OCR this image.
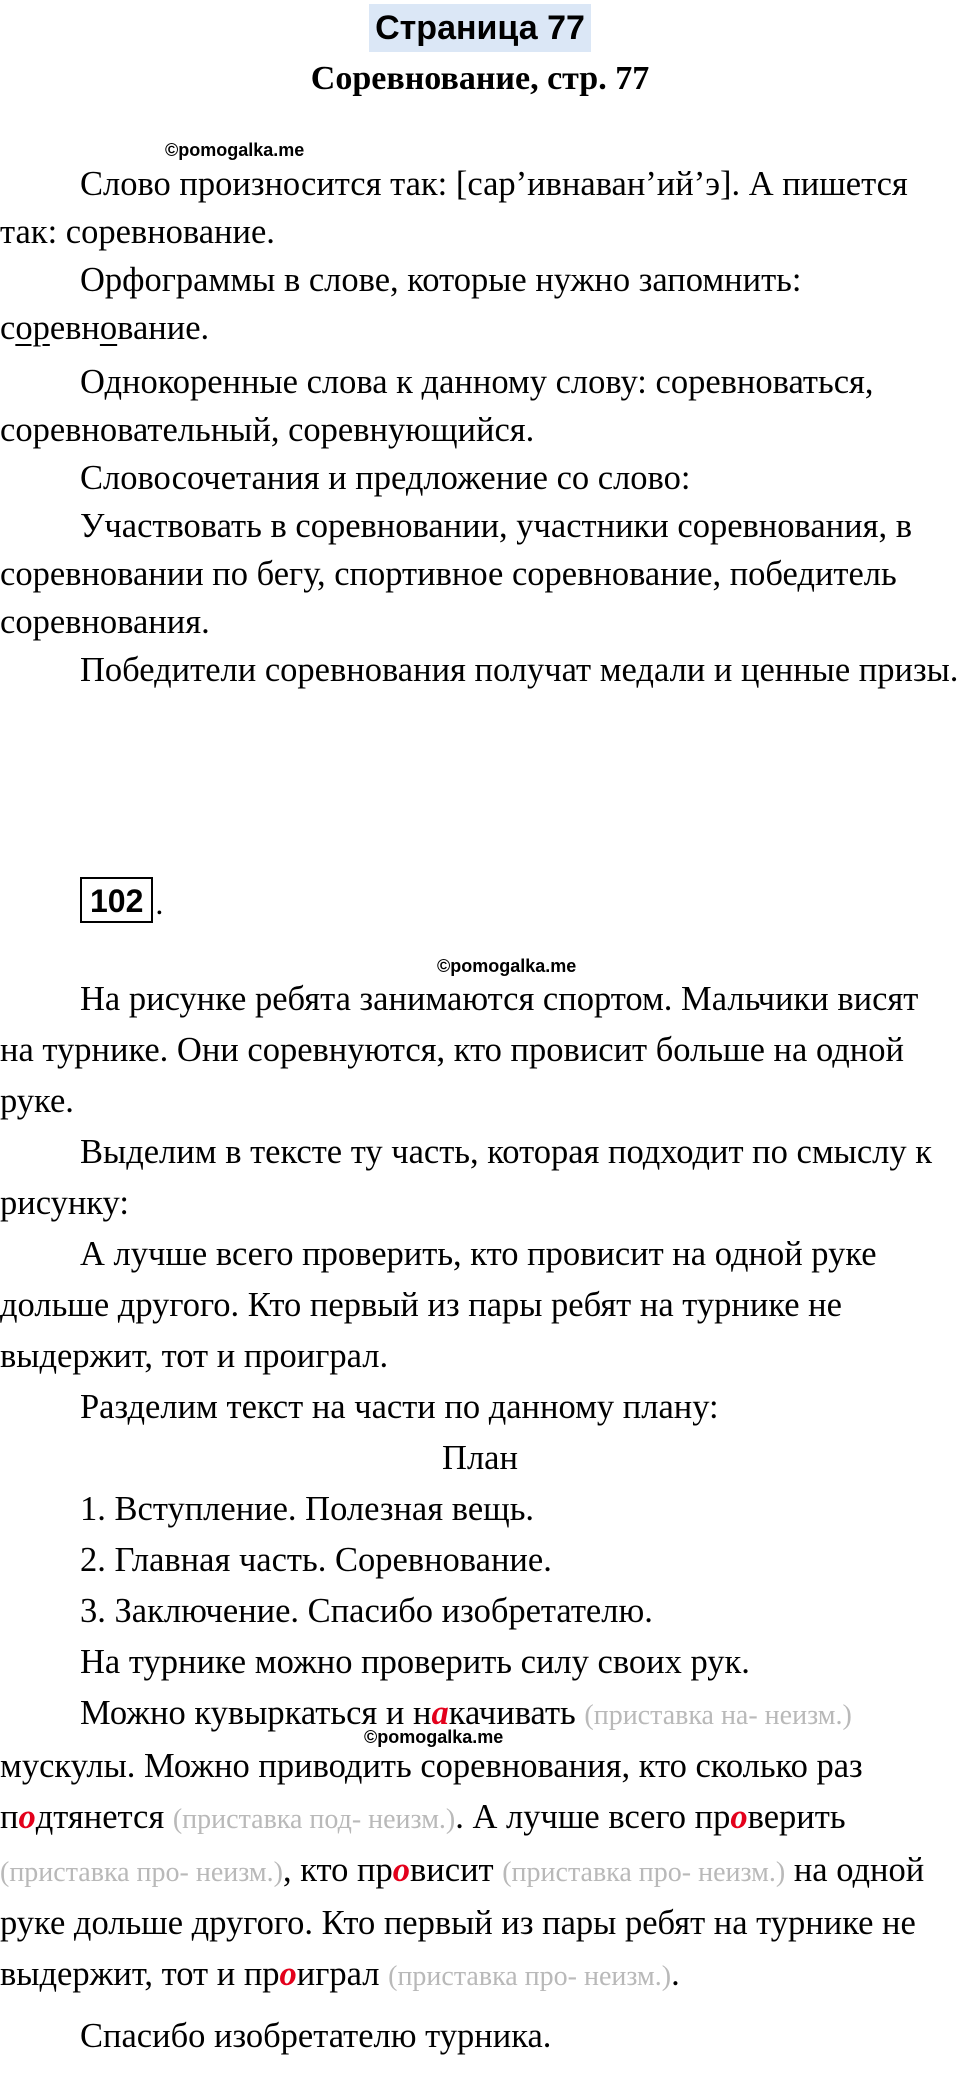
Страница 77
Соревнование, стр. 77
©pomogalka.me

Слово произносится так: [сар’ивнаван’ий’э]. А пишется так: соревнование.

Орфограммы в слове, которые нужно запомнить:

соревнование.

Однокоренные слова к данному слову: соревноваться, соревновательный, соревнующийся.

Словосочетания и предложение со слово:

Участвовать в соревновании, участники соревнования, в соревновании по бегу, спортивное соревнование, победитель соревнования.

Победители соревнования получат медали и ценные призы.

102 .
©pomogalka.me

На рисунке ребята занимаются спортом. Мальчики висят на турнике. Они соревнуются, кто провисит больше на одной руке.

Выделим в тексте ту часть, которая подходит по смыслу к рисунку:

А лучше всего проверить, кто провисит на одной руке дольше другого. Кто первый из пары ребят на турнике не выдержит, тот и проиграл.

Разделим текст на части по данному плану:

План

1. Вступление. Полезная вещь.

2. Главная часть. Соревнование.

3. Заключение. Спасибо изобретателю.

На турнике можно проверить силу своих рук.

Можно кувыркаться и накачивать (приставка на- неизм.) мускулы. Можно приводить соревнования, кто сколько раз подтянется (приставка под- неизм.). А лучше всего проверить (приставка про- неизм.), кто провисит (приставка про- неизм.) на одной руке дольше другого. Кто первый из пары ребят на турнике не выдержит, тот и проиграл (приставка про- неизм.).

Спасибо изобретателю турника.

©pomogalka.me
